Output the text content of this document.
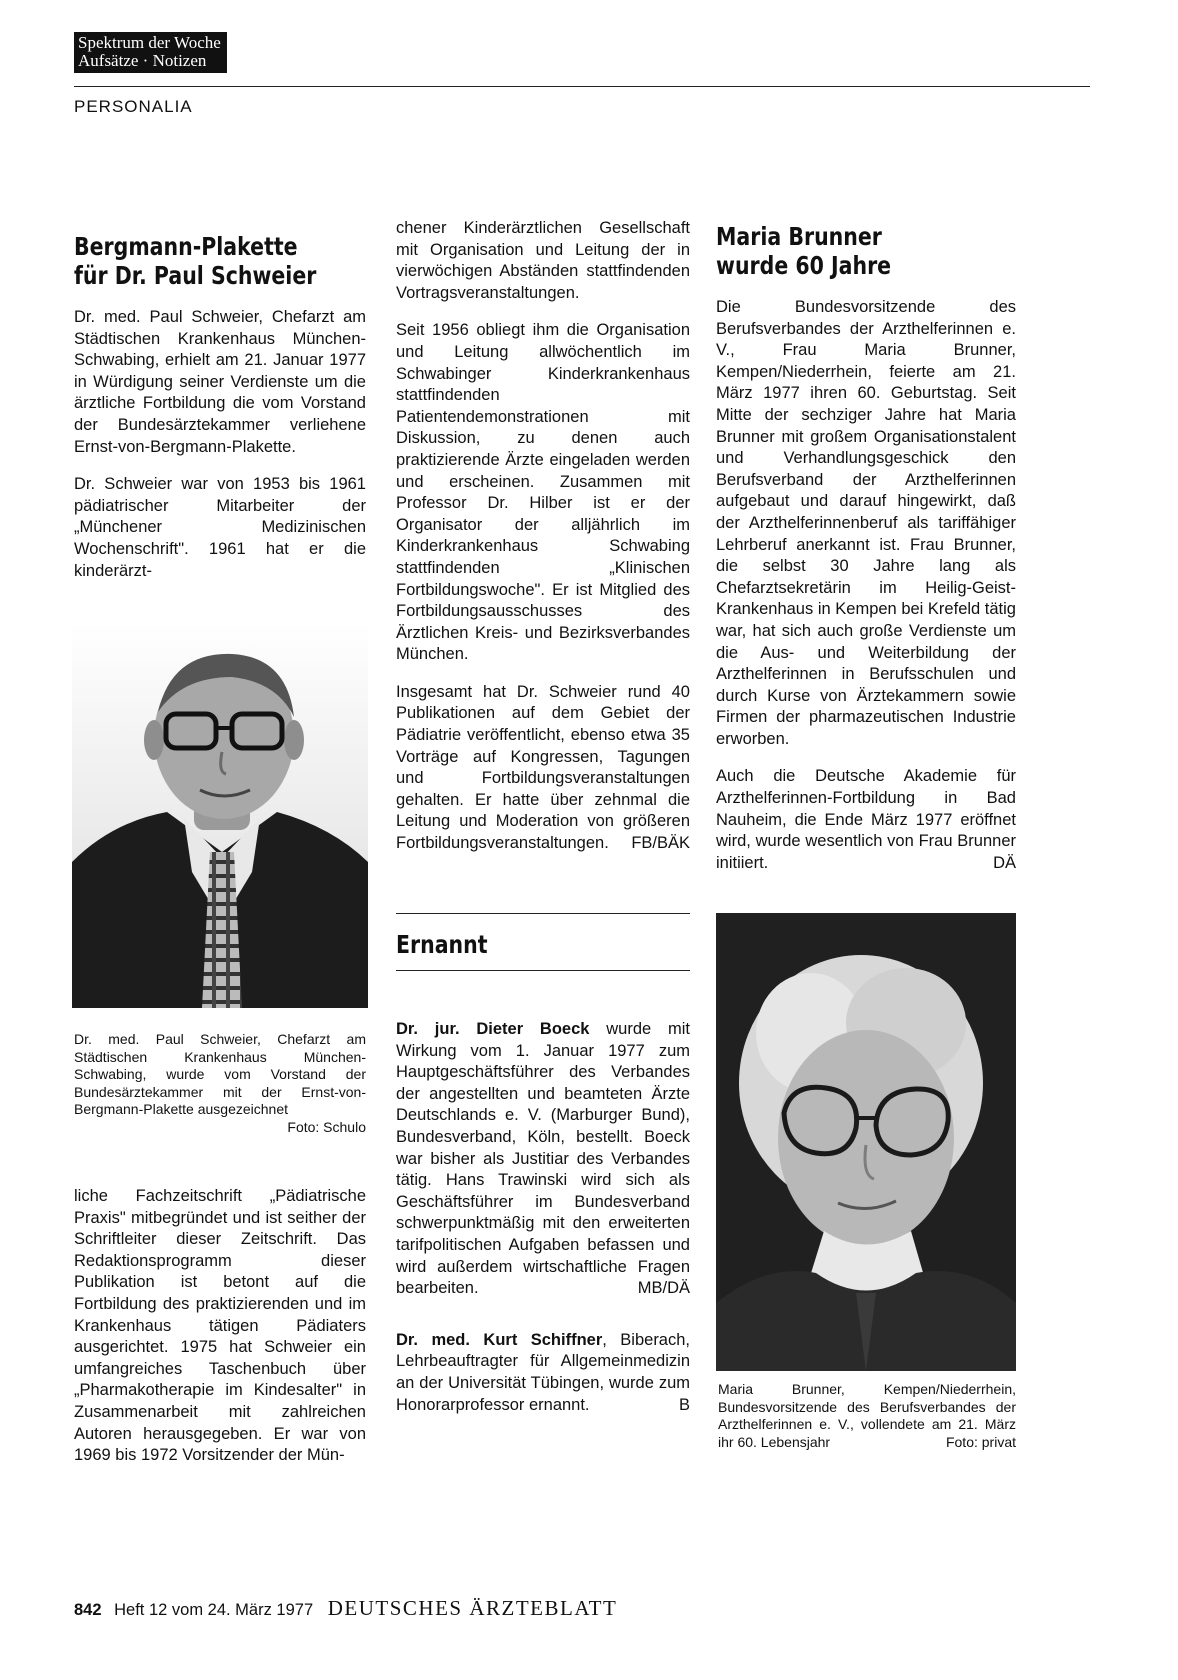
Spektrum der Woche
Aufsätze · Notizen
PERSONALIA
Bergmann-Plakette
für Dr. Paul Schweier

Dr. med. Paul Schweier, Chefarzt am Städtischen Krankenhaus München-Schwabing, erhielt am 21. Januar 1977 in Würdigung seiner Verdienste um die ärztliche Fortbildung die vom Vorstand der Bundesärztekammer verliehene Ernst-von-Bergmann-Plakette.

Dr. Schweier war von 1953 bis 1961 pädiatrischer Mitarbeiter der „Münchener Medizinischen Wochenschrift". 1961 hat er die kinderärzt-

Dr. med. Paul Schweier, Chefarzt am Städtischen Krankenhaus München-Schwabing, wurde vom Vorstand der Bundesärztekammer mit der Ernst-von-Bergmann-Plakette ausgezeichnet
Foto: Schulo

liche Fachzeitschrift „Pädiatrische Praxis" mitbegründet und ist seither der Schriftleiter dieser Zeitschrift. Das Redaktionsprogramm dieser Publikation ist betont auf die Fortbildung des praktizierenden und im Krankenhaus tätigen Pädiaters ausgerichtet. 1975 hat Schweier ein umfangreiches Taschenbuch über „Pharmakotherapie im Kindesalter" in Zusammenarbeit mit zahlreichen Autoren herausgegeben. Er war von 1969 bis 1972 Vorsitzender der Mün-

chener Kinderärztlichen Gesellschaft mit Organisation und Leitung der in vierwöchigen Abständen stattfindenden Vortragsveranstaltungen.

Seit 1956 obliegt ihm die Organisation und Leitung allwöchentlich im Schwabinger Kinderkrankenhaus stattfindenden Patientendemonstrationen mit Diskussion, zu denen auch praktizierende Ärzte eingeladen werden und erscheinen. Zusammen mit Professor Dr. Hilber ist er der Organisator der alljährlich im Kinderkrankenhaus Schwabing stattfindenden „Klinischen Fortbildungswoche". Er ist Mitglied des Fortbildungsausschusses des Ärztlichen Kreis- und Bezirksverbandes München.

Insgesamt hat Dr. Schweier rund 40 Publikationen auf dem Gebiet der Pädiatrie veröffentlicht, ebenso etwa 35 Vorträge auf Kongressen, Tagungen und Fortbildungsveranstaltungen gehalten. Er hatte über zehnmal die Leitung und Moderation von größeren Fortbildungsveranstaltungen. FB/BÄK

Ernannt

Dr. jur. Dieter Boeck wurde mit Wirkung vom 1. Januar 1977 zum Hauptgeschäftsführer des Verbandes der angestellten und beamteten Ärzte Deutschlands e. V. (Marburger Bund), Bundesverband, Köln, bestellt. Boeck war bisher als Justitiar des Verbandes tätig. Hans Trawinski wird sich als Geschäftsführer im Bundesverband schwerpunktmäßig mit den erweiterten tarifpolitischen Aufgaben befassen und wird außerdem wirtschaftliche Fragen bearbeiten.	MB/DÄ

Dr. med. Kurt Schiffner, Biberach, Lehrbeauftragter für Allgemeinmedizin an der Universität Tübingen, wurde zum Honorarprofessor ernannt.	B

Maria Brunner
wurde 60 Jahre

Die Bundesvorsitzende des Berufsverbandes der Arzthelferinnen e. V., Frau Maria Brunner, Kempen/Niederrhein, feierte am 21. März 1977 ihren 60. Geburtstag. Seit Mitte der sechziger Jahre hat Maria Brunner mit großem Organisationstalent und Verhandlungsgeschick den Berufsverband der Arzthelferinnen aufgebaut und darauf hingewirkt, daß der Arzthelferinnenberuf als tariffähiger Lehrberuf anerkannt ist. Frau Brunner, die selbst 30 Jahre lang als Chefarztsekretärin im Heilig-Geist-Krankenhaus in Kempen bei Krefeld tätig war, hat sich auch große Verdienste um die Aus- und Weiterbildung der Arzthelferinnen in Berufsschulen und durch Kurse von Ärztekammern sowie Firmen der pharmazeutischen Industrie erworben.

Auch die Deutsche Akademie für Arzthelferinnen-Fortbildung in Bad Nauheim, die Ende März 1977 eröffnet wird, wurde wesentlich von Frau Brunner initiiert.	DÄ

Maria Brunner, Kempen/Niederrhein, Bundesvorsitzende des Berufsverbandes der Arzthelferinnen e. V., vollendete am 21. März ihr 60. Lebensjahr	Foto: privat
842 Heft 12 vom 24. März 1977 DEUTSCHES ÄRZTEBLATT
